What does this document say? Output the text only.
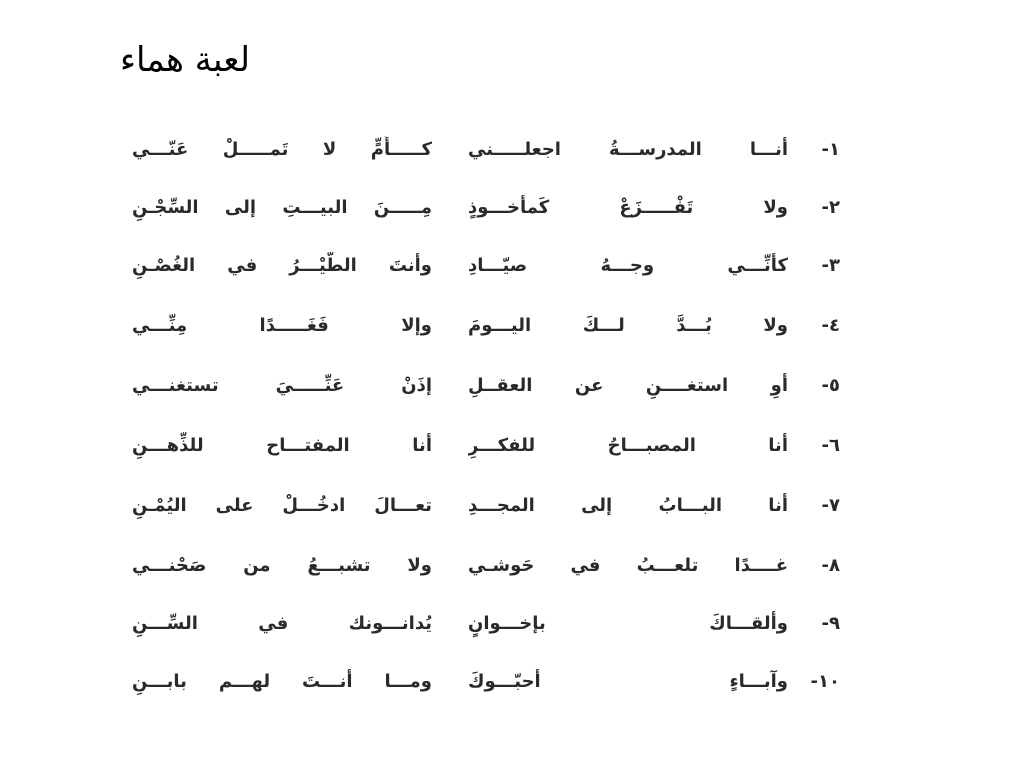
لعبة هماء
١-
أنـــا المدرســـةُ اجعلـــــني
كـــــأُمٍّ لا تَمـــــلْ عَنّـــي
٢-
ولا تَفْـــــزَعْ كَمأخـــوذٍ
مِـــــنَ البيـــتِ إلى السِّجْـنِ
٣-
كأنِّـــي وجـــهُ صيّـــادِ
وأنتَ الطَّيْـــرُ في الغُصْـنِ
٤-
ولا بُـــدَّ لـــكَ اليـــومَ
وإلا فَغَـــــدًا مِنِّـــي
٥-
أوِ استغــــنِ عن العقــلِ
إذَنْ عَنِّـــــيَ تستغنـــي
٦-
أنا المصبـــاحُ للفكـــرِ
أنا المفتـــاح للذِّهـــنِ
٧-
أنا البـــابُ إلى المجـــدِ
تعـــالَ ادخُـــلْ على اليُمْـنِ
٨-
غــــدًا تلعـــبُ في حَوشـي
ولا تشبـــعُ من صَحْنـــي
٩-
وألقـــاكَ بإخـــوانٍ
يُدانـــونك في السِّـــنِ
١٠-
وآبـــاءٍ أحبّـــوكَ
ومـــا أنـــتَ لهـــم بابـــنِ
